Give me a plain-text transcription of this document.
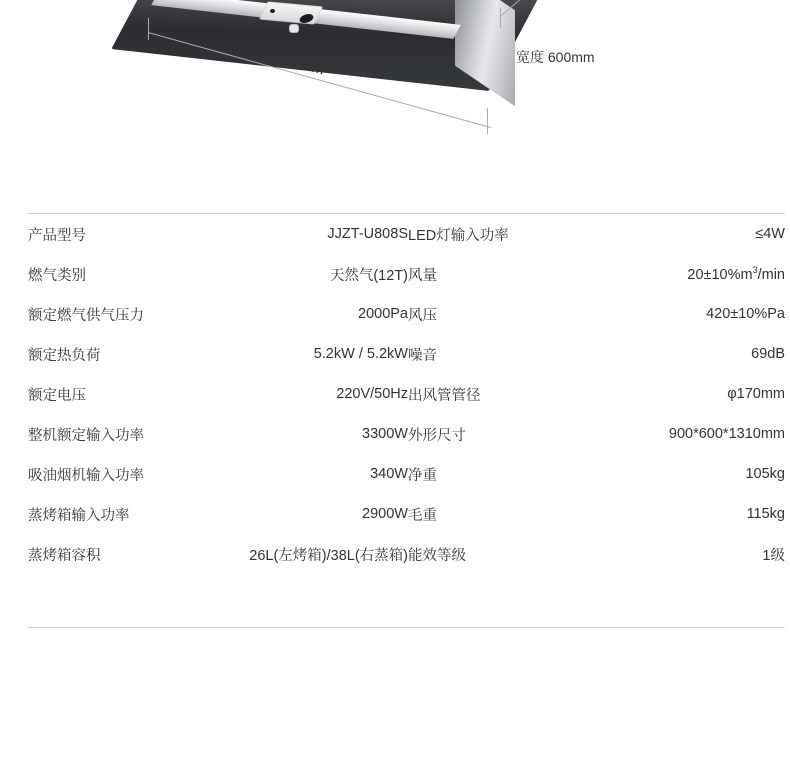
长度900mm	宽度 600mm
产品型号	JJZT-U808S	LED灯输入功率	≤4W
燃气类别	天然气(12T)	风量	$20\pm 10\%m^3/\min$
额定燃气供气压力	2000Pa	风压	420±10%Pa
额定热负荷	5.2kW / 5.2kW	噪音	69dB
额定电压	220V/50Hz	出风管管径	φ170mm
整机额定输入功率	3300W	外形尺寸	900*600*1310mm
吸油烟机输入功率	340W	净重	105kg
蒸烤箱输入功率	2900W	毛重	115kg
蒸烤箱容积	26L(左烤箱)/38L(右蒸箱)	能效等级	1级
